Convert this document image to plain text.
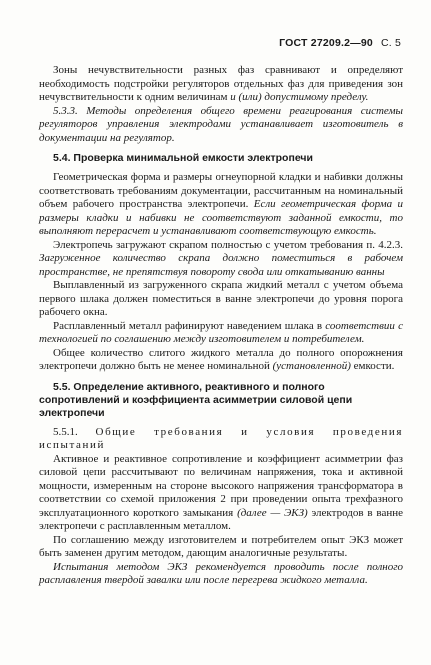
ГОСТ 27209.2—90 С. 5

Зоны нечувствительности разных фаз сравнивают и определяют необходимость подстройки регуляторов отдельных фаз для приведения зон нечувствительности к одним величинам и (или) допустимому пределу.

5.3.3. Методы определения общего времени реагирования системы регуляторов управления электродами устанавливает изготовитель в документации на регулятор.

5.4. Проверка минимальной емкости электропечи

Геометрическая форма и размеры огнеупорной кладки и набивки должны соответствовать требованиям документации, рассчитанным на номинальный объем рабочего пространства электропечи. Если геометрическая форма и размеры кладки и набивки не соответствуют заданной емкости, то выполняют перерасчет и устанавливают соответствующую емкость.

Электропечь загружают скрапом полностью с учетом требования п. 4.2.3. Загруженное количество скрапа должно поместиться в рабочем пространстве, не препятствуя повороту свода или откатыванию ванны

Выплавленный из загруженного скрапа жидкий металл с учетом объема первого шлака должен поместиться в ванне электропечи до уровня порога рабочего окна.

Расплавленный металл рафинируют наведением шлака в соответствии с технологией по соглашению между изготовителем и потребителем.

Общее количество слитого жидкого металла до полного опорожнения электропечи должно быть не менее номинальной (установленной) емкости.

5.5. Определение активного, реактивного и полного сопротивлений и коэффициента асимметрии силовой цепи электропечи

5.5.1. Общие требования и условия проведения испытаний

Активное и реактивное сопротивление и коэффициент асимметрии фаз силовой цепи рассчитывают по величинам напряжения, тока и активной мощности, измеренным на стороне высокого напряжения трансформатора в соответствии со схемой приложения 2 при проведении опыта трехфазного эксплуатационного короткого замыкания (далее — ЭКЗ) электродов в ванне электропечи с расплавленным металлом.

По соглашению между изготовителем и потребителем опыт ЭКЗ может быть заменен другим методом, дающим аналогичные результаты.

Испытания методом ЭКЗ рекомендуется проводить после полного расплавления твердой завалки или после перегрева жидкого металла.
